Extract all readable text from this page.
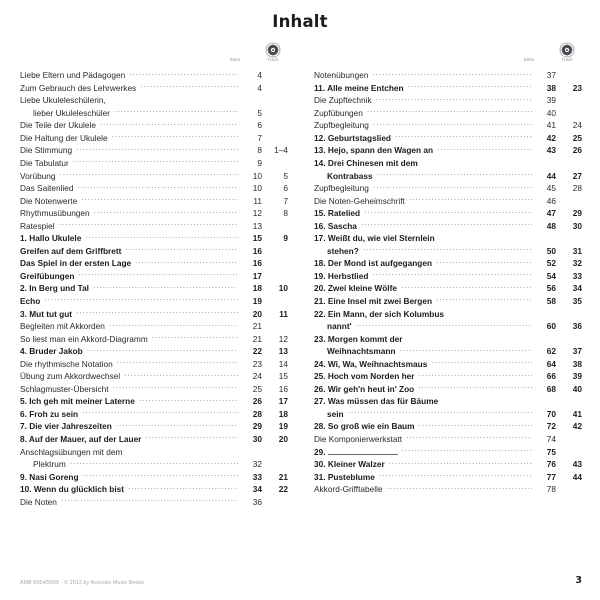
Inhalt
Seite	Track
Liebe Eltern und Pädagogen .....	4
Zum Gebrauch des Lehrwerkes .....	4
Liebe Ukuleleschülerin,
lieber Ukuleleschüler .....	5
Die Teile der Ukulele .....	6
Die Haltung der Ukulele .....	7
Die Stimmung .....	8	1–4
Die Tabulatur .....	9
Vorübung .....	10	5
Das Saitenlied .....	10	6
Die Notenwerte .....	11	7
Rhythmusübungen .....	12	8
Ratespiel .....	13
1. Hallo Ukulele .....	15	9
Greifen auf dem Griffbrett .....	16
Das Spiel in der ersten Lage .....	16
Greifübungen .....	17
2. In Berg und Tal .....	18	10
Echo .....	19
3. Mut tut gut .....	20	11
Begleiten mit Akkorden .....	21
So liest man ein Akkord-Diagramm .....	21	12
4. Bruder Jakob .....	22	13
Die rhythmische Notation .....	23	14
Übung zum Akkordwechsel .....	24	15
Schlagmuster-Übersicht .....	25	16
5. Ich geh mit meiner Laterne .....	26	17
6. Froh zu sein .....	28	18
7. Die vier Jahreszeiten .....	29	19
8. Auf der Mauer, auf der Lauer .....	30	20
Anschlagsübungen mit dem
Plektrum .....	32
9. Nasi Goreng .....	33	21
10. Wenn du glücklich bist .....	34	22
Die Noten .....	36
Seite	Track
Notenübungen .....	37
11. Alle meine Entchen .....	38	23
Die Zupftechnik .....	39
Zupfübungen .....	40
Zupfbegleitung .....	41	24
12. Geburtstagslied .....	42	25
13. Hejo, spann den Wagen an .....	43	26
14. Drei Chinesen mit dem
Kontrabass .....	44	27
Zupfbegleitung .....	45	28
Die Noten-Geheimschrift .....	46
15. Ratelied .....	47	29
16. Sascha .....	48	30
17. Weißt du, wie viel Sternlein
stehen? .....	50	31
18. Der Mond ist aufgegangen .....	52	32
19. Herbstlied .....	54	33
20. Zwei kleine Wölfe .....	56	34
21. Eine Insel mit zwei Bergen .....	58	35
22. Ein Mann, der sich Kolumbus
nannt' .....	60	36
23. Morgen kommt der
Weihnachtsmann .....	62	37
24. Wi, Wa, Weihnachtsmaus .....	64	38
25. Hoch vom Norden her .....	66	39
26. Wir geh'n heut in' Zoo .....	68	40
27. Was müssen das für Bäume
sein .....	70	41
28. So groß wie ein Baum .....	72	42
Die Komponierwerkstatt .....	74
29. .....	75
30. Kleiner Walzer .....	76	43
31. Pusteblume .....	77	44
Akkord-Grifftabelle .....	78
AMB 5064/5065 · © 2013 by Acoustic Music Books	3
